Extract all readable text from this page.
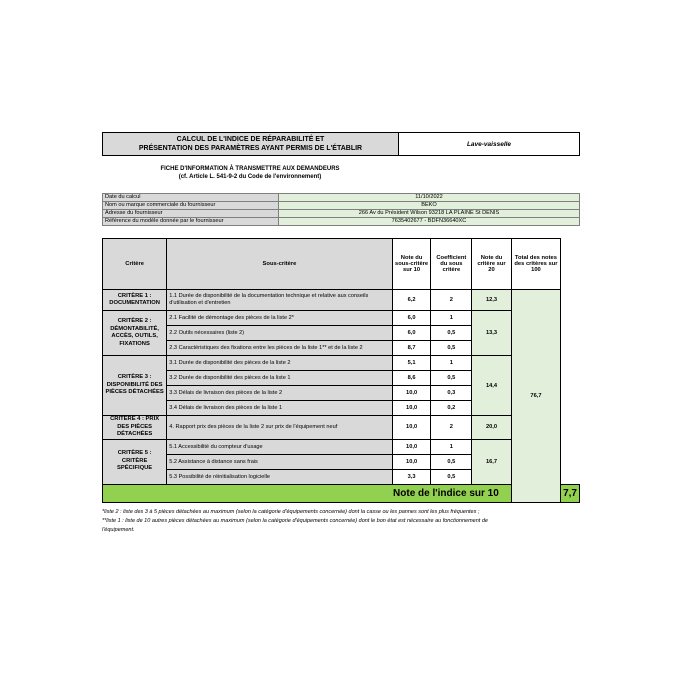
CALCUL DE L'INDICE DE RÉPARABILITÉ ET
PRÉSENTATION DES PARAMÈTRES AYANT PERMIS DE L'ÉTABLIR
Lave-vaisselle
FICHE D'INFORMATION À TRANSMETTRE AUX DEMANDEURS
(cf. Article L. 541-9-2 du Code de l'environnement)
Date du calcul	11/10/2022
Nom ou marque commerciale du fournisseur	BEKO
Adresse du fournisseur	266 Av du Président Wilson 93218 LA PLAINE St DENIS
Référence du modèle donnée par le fournisseur	7635402677 - BDFN36640XC
Critère	Sous-critère	Note du sous-critère sur 10	Coefficient du sous critère	Note du critère sur 20	Total des notes des critères sur 100	
CRITÈRE 1 : DOCUMENTATION	1.1 Durée de disponibilité de la documentation technique et relative aux conseils d'utilisation et d'entretien	6,2	2	12,3	76,7	
CRITÈRE 2 : DÉMONTABILITÉ, ACCÈS, OUTILS, FIXATIONS	2.1 Facilité de démontage des pièces de la liste 2*	6,0	1	13,3		
	2.2 Outils nécessaires (liste 2)	6,0	0,5			
	2.3 Caractéristiques des fixations entre les pièces de la liste 1** et de la liste 2	8,7	0,5			
CRITÈRE 3 : DISPONIBILITÉ DES PIÈCES DÉTACHÉES	3.1 Durée de disponibilité des pièces de la liste 2	5,1	1	14,4		
	3.2 Durée de disponibilité des pièces de la liste 1	8,6	0,5			
	3.3 Délais de livraison des pièces de la liste 2	10,0	0,3			
	3.4 Délais de livraison des pièces de la liste 1	10,0	0,2			
CRITÈRE 4 : PRIX DES PIÈCES DÉTACHÉES	4. Rapport prix des pièces de la liste 2 sur prix de l'équipement neuf	10,0	2	20,0		
CRITÈRE 5 : CRITÈRE SPÉCIFIQUE	5.1 Accessibilité du compteur d'usage	10,0	1	16,7		
	5.2 Assistance à distance sans frais	10,0	0,5			
	5.3 Possibilité de réinitialisation logicielle	3,3	0,5			
Note de l'indice sur 10						7,7
*liste 2 : liste des 3 à 5 pièces détachées au maximum (selon la catégorie d'équipements concernée) dont la casse ou les pannes sont les plus fréquentes ;
**liste 1 : liste de 10 autres pièces détachées au maximum (selon la catégorie d'équipements concernée) dont le bon état est nécessaire au fonctionnement de
l'équipement.
